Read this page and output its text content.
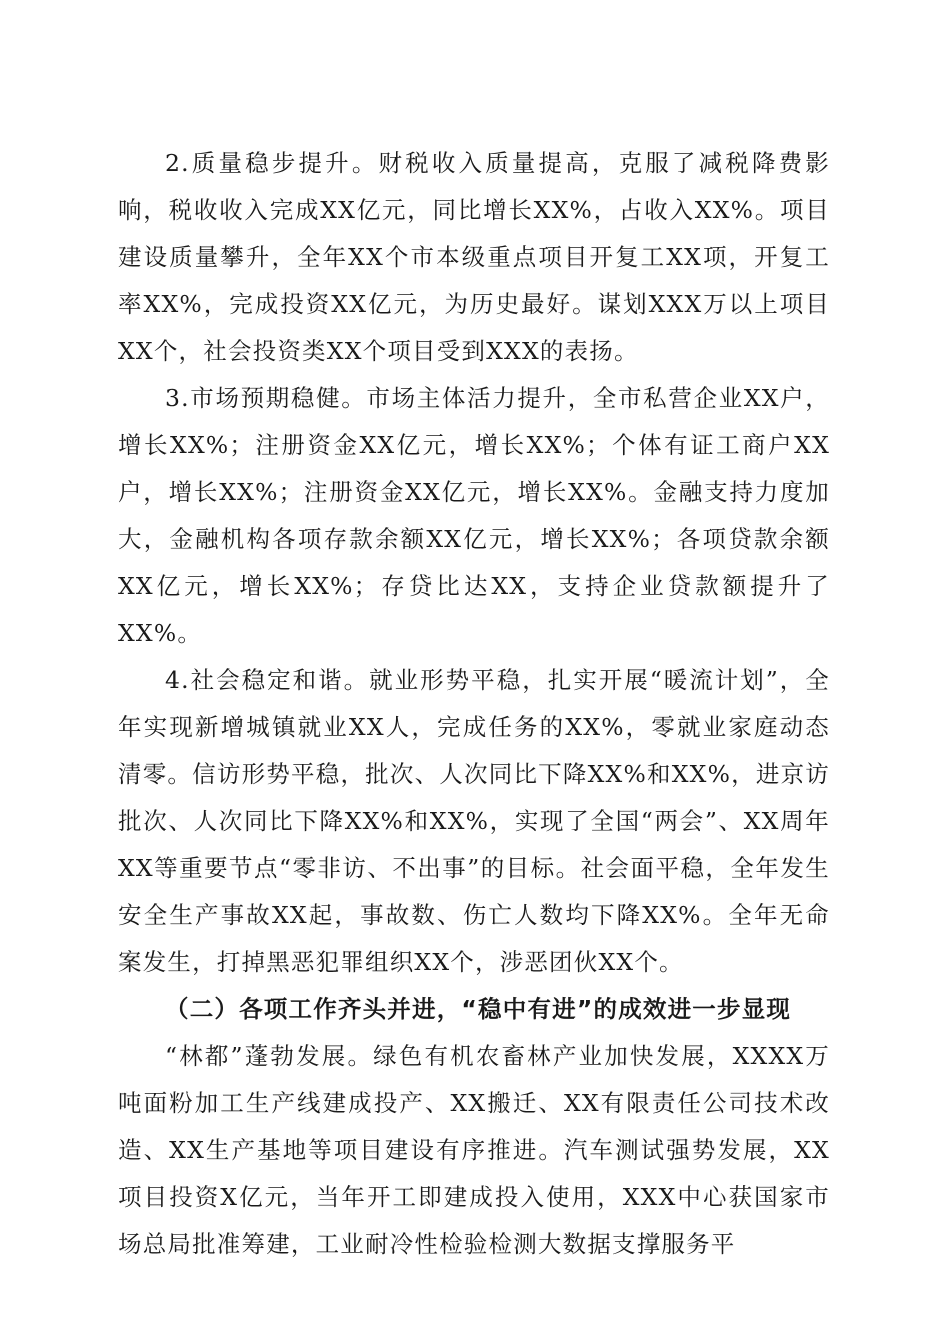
2.质量稳步提升。财税收入质量提高，克服了减税降费影响，税收收入完成XX亿元，同比增长XX%，占收入XX%。项目建设质量攀升，全年XX个市本级重点项目开复工XX项，开复工率XX%，完成投资XX亿元，为历史最好。谋划XXX万以上项目XX个，社会投资类XX个项目受到XXX的表扬。

3.市场预期稳健。市场主体活力提升，全市私营企业XX户，增长XX%；注册资金XX亿元，增长XX%；个体有证工商户XX户，增长XX%；注册资金XX亿元，增长XX%。金融支持力度加大，金融机构各项存款余额XX亿元，增长XX%；各项贷款余额XX亿元，增长XX%；存贷比达XX，支持企业贷款额提升了XX%。

4.社会稳定和谐。就业形势平稳，扎实开展“暖流计划”，全年实现新增城镇就业XX人，完成任务的XX%，零就业家庭动态清零。信访形势平稳，批次、人次同比下降XX%和XX%，进京访批次、人次同比下降XX%和XX%，实现了全国“两会”、XX周年XX等重要节点“零非访、不出事”的目标。社会面平稳，全年发生安全生产事故XX起，事故数、伤亡人数均下降XX%。全年无命案发生，打掉黑恶犯罪组织XX个，涉恶团伙XX个。

（二）各项工作齐头并进，“稳中有进”的成效进一步显现

“林都”蓬勃发展。绿色有机农畜林产业加快发展，XXXX万吨面粉加工生产线建成投产、XX搬迁、XX有限责任公司技术改造、XX生产基地等项目建设有序推进。汽车测试强势发展，XX项目投资X亿元，当年开工即建成投入使用，XXX中心获国家市场总局批准筹建，工业耐冷性检验检测大数据支撑服务平
